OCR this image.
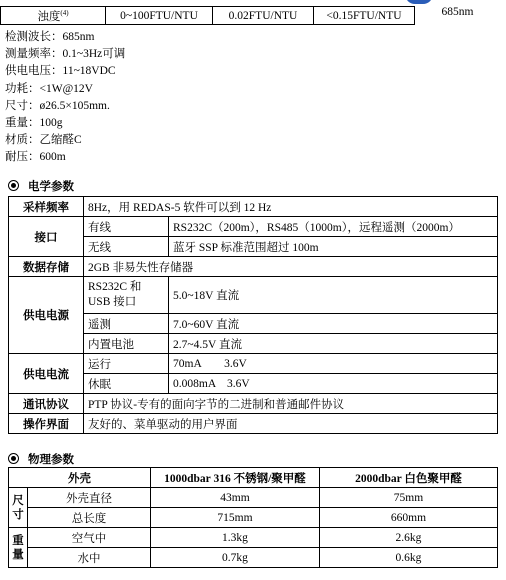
浊度$^{(4)}$	0~100FTU/NTU	0.02FTU/NTU	<0.15FTU/NTU	685nm
检测波长：685nm
测量频率：0.1~3Hz可调
供电电压：11~18VDC
功耗：<1W@12V
尺寸：ø26.5×105mm.
重量：100g
材质：乙缩醛C
耐压：600m
电学参数
采样频率	8Hz，用 REDAS-5 软件可以到 12 Hz	
接口	有线	RS232C（200m），RS485（1000m），远程遥测（2000m）
	无线	蓝牙 SSP 标准范围超过 100m
数据存储	2GB 非易失性存储器	
供电电源	RS232C 和
USB 接口	5.0~18V 直流
	遥测	7.0~60V 直流
	内置电池	2.7~4.5V 直流
供电电流	运行	70mA        3.6V
	休眠	0.008mA    3.6V
通讯协议	PTP 协议-专有的面向字节的二进制和普通邮件协议	
操作界面	友好的、菜单驱动的用户界面	
物理参数
外壳		1000dbar 316 不锈钢/聚甲醛	2000dbar 白色聚甲醛

尺
寸	外壳直径	43mm	75mm
	总长度	715mm	660mm

重
量	空气中	1.3kg	2.6kg
	水中	0.7kg	0.6kg
